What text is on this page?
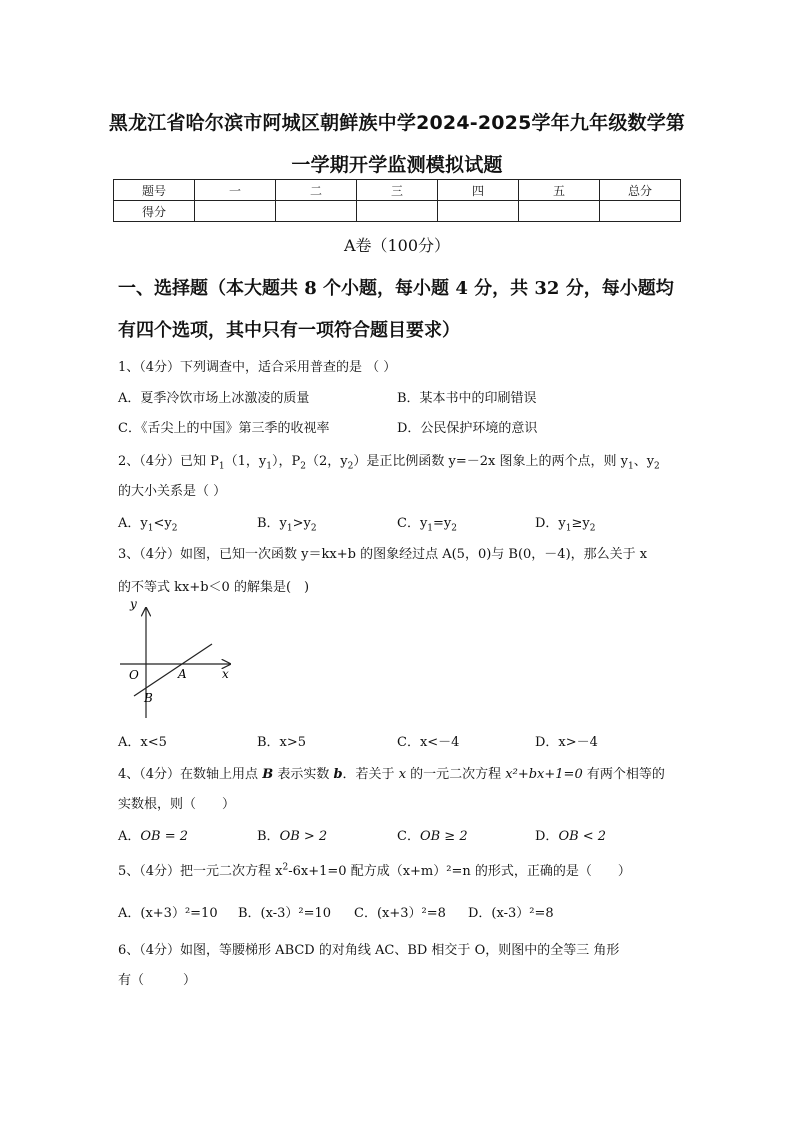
黑龙江省哈尔滨市阿城区朝鲜族中学2024-2025学年九年级数学第
一学期开学监测模拟试题
题号	一	二	三	四	五	总分
得分						
A卷（100分）
一、选择题（本大题共 8 个小题，每小题 4 分，共 32 分，每小题均
有四个选项，其中只有一项符合题目要求）
1、（4分）下列调查中，适合采用普查的是 （ ）
A．夏季冷饮市场上冰激凌的质量	B．某本书中的印刷错误
C．《舌尖上的中国》第三季的收视率	D．公民保护环境的意识
2、（4分）已知 $P_1(1$，$y_1$），$P_2(2$，$y_2$）是正比例函数 y=－2x 图象上的两个点，则 $y_1$、$y_2$
的大小关系是（ ）
A．$y_1<y_2$	B．$y_1>y_2$	C．$y_1=y_2$	D．$y_1\ge y_2$
3、（4分）如图，已知一次函数 y＝kx+b 的图象经过点 A(5，0)与 B(0，－4)，那么关于 x
的不等式 kx+b＜0 的解集是(　)
y
x
O	A
B
A．x<5	B．x>5	C．x<－4	D．x>－4
4、（4分）在数轴上用点 B 表示实数 b．若关于 x 的一元二次方程 x²+bx+1=0 有两个相等的
实数根，则（　　）
A．OB = 2	B．OB > 2	C．OB ≥ 2	D．OB < 2
5、（4分）把一元二次方程 $x^2-6x+1=0$ 配方成（x+m）²=n 的形式，正确的是（　　）
A．(x+3）²=10 B．(x-3）²=10 C．(x+3）²=8 D．(x-3）²=8
6、（4分）如图，等腰梯形 ABCD 的对角线 AC、BD 相交于 O，则图中的全等三 角形
有（　　　）
